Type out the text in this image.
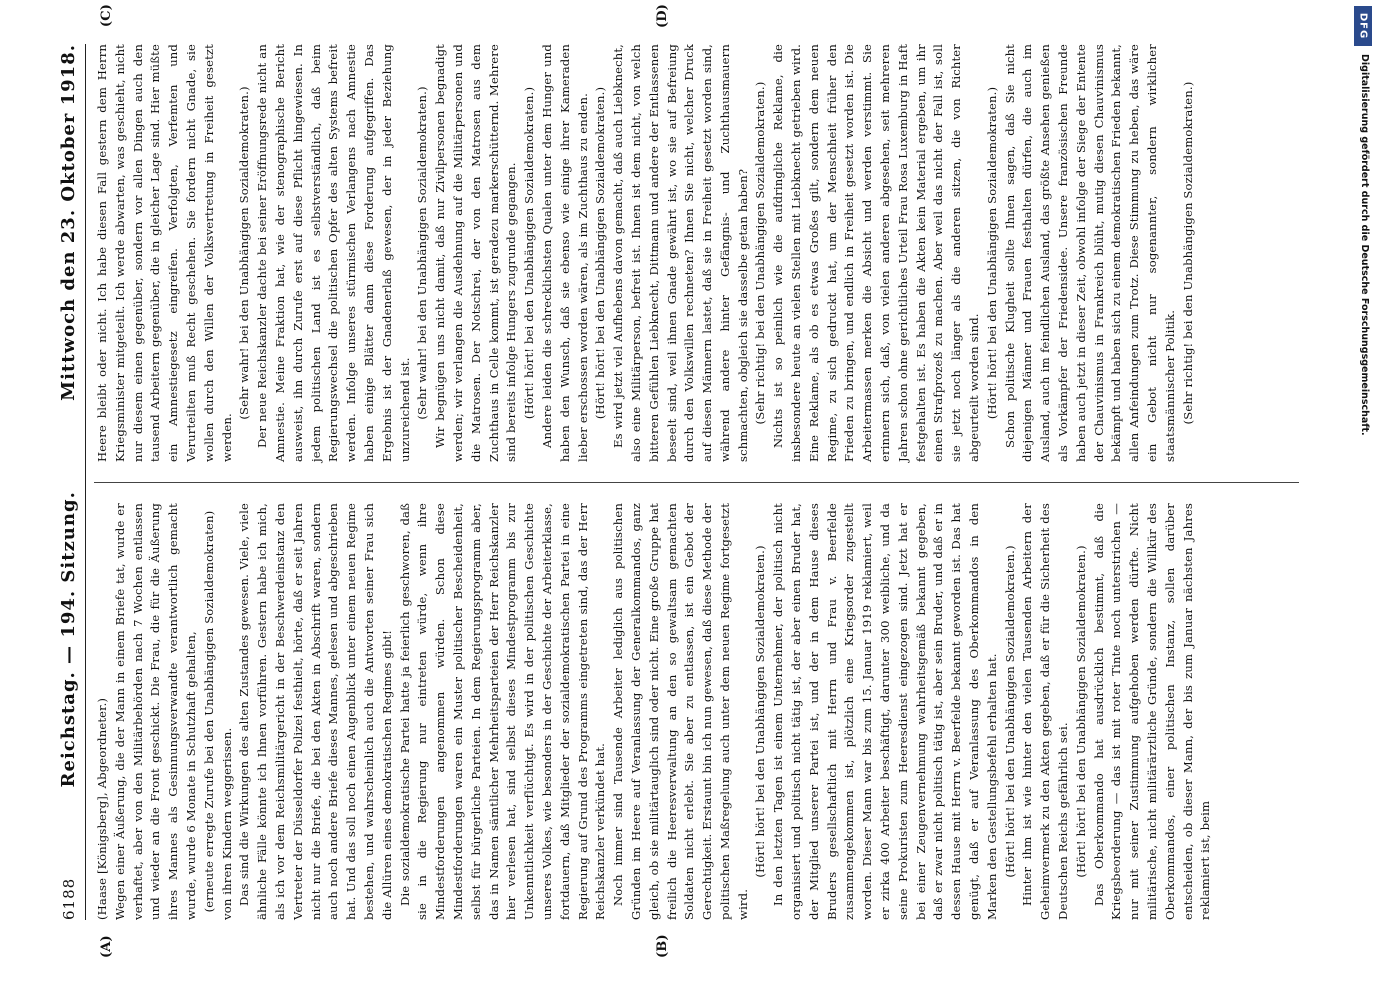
6188
Reichstag. — 194. Sitzung.
Mittwoch den 23. Oktober 1918.
(A)	(B)

(Haase [Königsberg], Abgeordneter.) Wegen einer Äußerung, die der Mann in einem Briefe tat, wurde er verhaftet, aber von den Militärbehörden nach 7 Wochen entlassen und wieder an die Front geschickt. Die Frau, die für die Äußerung ihres Mannes als Gesinnungsverwandte verantwortlich gemacht wurde, wurde 6 Monate in Schutzhaft gehalten, (erneute erregte Zurufe bei den Unabhängigen Sozialdemokraten) von ihren Kindern weggerissen. Das sind die Wirkungen des alten Zustandes gewesen. Viele, viele ähnliche Fälle könnte ich Ihnen vorführen. Gestern habe ich mich, als ich vor dem Reichsmilitärgericht in der Beschwerdeinstanz den Vertreter der Düsseldorfer Polizei festhielt, hörte, daß er seit Jahren nicht nur die Briefe, die bei den Akten in Abschrift waren, sondern auch noch andere Briefe dieses Mannes, gelesen und abgeschrieben hat. Und das soll noch einen Augenblick unter einem neuen Regime bestehen, und wahrscheinlich auch die Antworten seiner Frau sich die Allüren eines demokratischen Regimes gibt! Die sozialdemokratische Partei hatte ja feierlich geschworen, daß sie in die Regierung nur eintreten würde, wenn ihre Mindestforderungen angenommen würden. Schon diese Mindestforderungen waren ein Muster politischer Bescheidenheit, selbst für bürgerliche Parteien. In dem Regierungsprogramm aber, das in Namen sämtlicher Mehrheitsparteien der Herr Reichskanzler hier verlesen hat, sind selbst dieses Mindestprogramm bis zur Unkenntlichkeit verflüchtigt. Es wird in der politischen Geschichte unseres Volkes, wie besonders in der Geschichte der Arbeiterklasse, fortdauern, daß Mitglieder der sozialdemokratischen Partei in eine Regierung auf Grund des Programms eingetreten sind, das der Herr Reichskanzler verkündet hat. Noch immer sind Tausende Arbeiter lediglich aus politischen Gründen im Heere auf Veranlassung der Generalkommandos, ganz gleich, ob sie militärtauglich sind oder nicht. Eine große Gruppe hat freilich die Heeresverwaltung an den so gewaltsam gemachten Soldaten nicht erlebt. Sie aber zu entlassen, ist ein Gebot der Gerechtigkeit. Erstaunt bin ich nun gewesen, daß diese Methode der politischen Maßregelung auch unter dem neuen Regime fortgesetzt wird.

(Hört! hört! bei den Unabhängigen Sozialdemokraten.) In den letzten Tagen ist einem Unternehmer, der politisch nicht organisiert und politisch nicht tätig ist, der aber einen Bruder hat, der Mitglied unserer Partei ist, und der in dem Hause dieses Bruders gesellschaftlich mit Herrn und Frau v. Beerfelde zusammengekommen ist, plötzlich eine Kriegsorder zugestellt worden. Dieser Mann war bis zum 15. Januar 1919 reklamiert, weil er zirka 400 Arbeiter beschäftigt, darunter 300 weibliche, und da seine Prokuristen zum Heeresdienst eingezogen sind. Jetzt hat er bei einer Zeugenvernehmung wahrheitsgemäß bekannt gegeben, daß er zwar nicht politisch tätig ist, aber sein Bruder, und daß er in dessen Hause mit Herrn v. Beerfelde bekannt geworden ist. Das hat genügt, daß er auf Veranlassung des Oberkommandos in den Marken den Gestellungsbefehl erhalten hat. (Hört! hört! bei den Unabhängigen Sozialdemokraten.) Hinter ihm ist wie hinter den vielen Tausenden Arbeitern der Geheimvermerk zu den Akten gegeben, daß er für die Sicherheit des Deutschen Reichs gefährlich sei. (Hört! hört! bei den Unabhängigen Sozialdemokraten.) Das Oberkommando hat ausdrücklich bestimmt, daß die Kriegsbeorderung — das ist mit roter Tinte noch unterstrichen — nur mit seiner Zustimmung aufgehoben werden dürfte. Nicht militärische, nicht militärärztliche Gründe, sondern die Willkür des Oberkommandos, einer politischen Instanz, sollen darüber entscheiden, ob dieser Mann, der bis zum Januar nächsten Jahres reklamiert ist, beim

(C)	(D)

Heere bleibt oder nicht. Ich habe diesen Fall gestern dem Herrn Kriegsminister mitgeteilt. Ich werde abwarten, was geschieht, nicht nur diesem einen gegenüber, sondern vor allen Dingen auch den tausend Arbeitern gegenüber, die in gleicher Lage sind. Hier müßte ein Amnestiegesetz eingreifen. Verfolgten, Verfemten und Verurteilten muß Recht geschehen. Sie fordern nicht Gnade, sie wollen durch den Willen der Volksvertretung in Freiheit gesetzt werden.

(Sehr wahr! bei den Unabhängigen Sozialdemokraten.) Der neue Reichskanzler dachte bei seiner Eröffnungsrede nicht an Amnestie. Meine Fraktion hat, wie der stenographische Bericht ausweist, ihn durch Zurufe erst auf diese Pflicht hingewiesen. In jedem politischen Land ist es selbstverständlich, daß beim Regierungswechsel die politischen Opfer des alten Systems befreit werden. Infolge unseres stürmischen Verlangens nach Amnestie haben einige Blätter dann diese Forderung aufgegriffen. Das Ergebnis ist der Gnadenerlaß gewesen, der in jeder Beziehung unzureichend ist. (Sehr wahr! bei den Unabhängigen Sozialdemokraten.) Wir begnügen uns nicht damit, daß nur Zivilpersonen begnadigt werden; wir verlangen die Ausdehnung auf die Militärpersonen und die Matrosen. Der Notschrei, der von den Matrosen aus dem Zuchthaus in Celle kommt, ist geradezu markerschütternd. Mehrere sind bereits infolge Hungers zugrunde gegangen. (Hört! hört! bei den Unabhängigen Sozialdemokraten.) Andere leiden die schrecklichsten Qualen unter dem Hunger und haben den Wunsch, daß sie ebenso wie einige ihrer Kameraden lieber erschossen worden wären, als im Zuchthaus zu enden. (Hört! hört! bei den Unabhängigen Sozialdemokraten.) Es wird jetzt viel Aufhebens davon gemacht, daß auch Liebknecht, also eine Militärperson, befreit ist. Ihnen ist dem nicht, von welch bitteren Gefühlen Liebknecht, Dittmann und andere der Entlassenen beseelt sind, weil ihnen Gnade gewährt ist, wo sie auf Befreiung durch den Volkswillen rechneten? Ihnen Sie nicht, welcher Druck auf diesen Männern lastet, daß sie in Freiheit gesetzt worden sind, während andere hinter Gefängnis- und Zuchthausmauern schmachten, obgleich sie dasselbe getan haben? (Sehr richtig! bei den Unabhängigen Sozialdemokraten.) Nichts ist so peinlich wie die aufdringliche Reklame, die insbesondere heute an vielen Stellen mit Liebknecht getrieben wird. Eine Reklame, als ob es etwas Großes gilt, sondern dem neuen Regime, zu sich gedruckt hat, um der Menschheit früher den Frieden zu bringen, und endlich in Freiheit gesetzt worden ist. Die Arbeitermassen merken die Absicht und werden verstimmt. Sie erinnern sich, daß, von vielen anderen abgesehen, seit mehreren Jahren schon ohne gerichtliches Urteil Frau Rosa Luxemburg in Haft festgehalten ist. Es haben die Akten kein Material ergeben, um ihr einen Strafprozeß zu machen. Aber weil das nicht der Fall ist, soll sie jetzt noch länger als die anderen sitzen, die von Richter abgeurteilt worden sind. (Hört! hört! bei den Unabhängigen Sozialdemokraten.) Schon politische Klugheit sollte Ihnen sagen, daß Sie nicht diejenigen Männer und Frauen festhalten dürfen, die auch im Ausland, auch im feindlichen Ausland, das größte Ansehen genießen als Vorkämpfer der Friedensidee. Unsere französischen Freunde haben auch jetzt in dieser Zeit, obwohl infolge der Siege der Entente der Chauvinismus in Frankreich blüht, mutig diesen Chauvinismus bekämpft und haben sich zu einem demokratischen Frieden bekannt, allen Anfeindungen zum Trotz. Diese Stimmung zu heben, das wäre ein Gebot nicht nur sogenannter, sondern wirklicher staatsmännischer Politik. (Sehr richtig! bei den Unabhängigen Sozialdemokraten.)

DFG
Digitalisierung gefördert durch die Deutsche Forschungsgemeinschaft.
